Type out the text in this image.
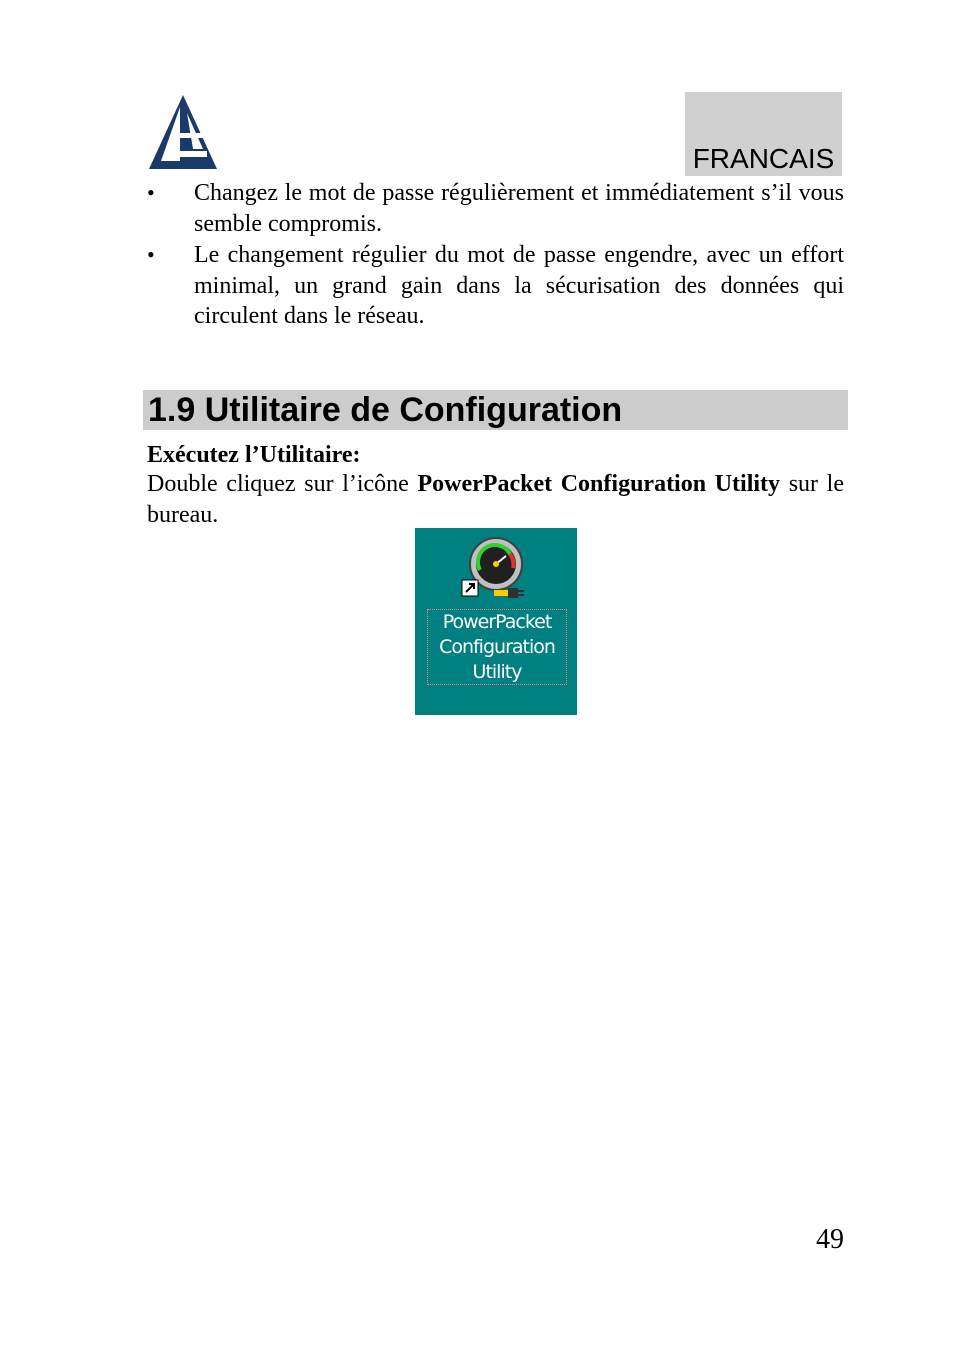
FRANCAIS
• Changez le mot de passe régulièrement et immédiatement s’il vous semble compromis.
• Le changement régulier du mot de passe engendre, avec un effort minimal, un grand gain dans la sécurisation des données qui circulent dans le réseau.
1.9 Utilitaire de Configuration
Exécutez l’Utilitaire:
Double cliquez sur l’icône PowerPacket Configuration Utility sur le bureau.
PowerPacket
Configuration
Utility
49
